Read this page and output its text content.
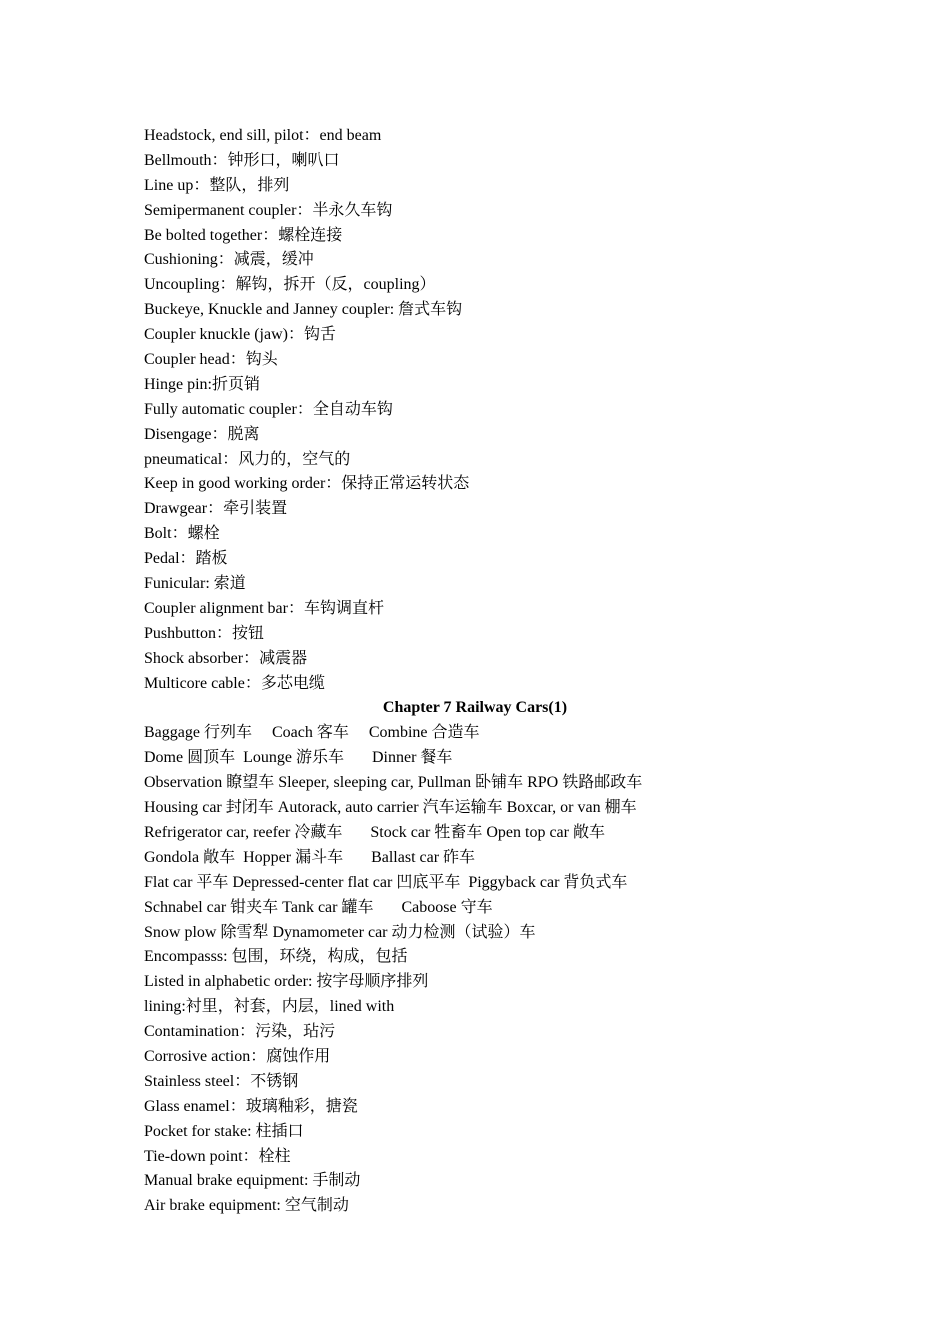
Headstock, end sill, pilot：end beam
Bellmouth：钟形口，喇叭口
Line up：整队，排列
Semipermanent coupler：半永久车钩
Be bolted together：螺栓连接
Cushioning：减震，缓冲
Uncoupling：解钩，拆开（反，coupling）
Buckeye, Knuckle and Janney coupler: 詹式车钩
Coupler knuckle (jaw)：钩舌
Coupler head：钩头
Hinge pin:折页销
Fully automatic coupler：全自动车钩
Disengage：脱离
pneumatical：风力的，空气的
Keep in good working order：保持正常运转状态
Drawgear：牵引装置
Bolt：螺栓
Pedal：踏板
Funicular: 索道
Coupler alignment bar：车钩调直杆
Pushbutton：按钮
Shock absorber：减震器
Multicore cable：多芯电缆
Chapter 7 Railway Cars(1)
Baggage 行列车     Coach 客车     Combine 合造车
Dome 圆顶车  Lounge 游乐车       Dinner 餐车
Observation 瞭望车 Sleeper, sleeping car, Pullman 卧铺车 RPO 铁路邮政车
Housing car 封闭车 Autorack, auto carrier 汽车运输车 Boxcar, or van 棚车
Refrigerator car, reefer 冷藏车       Stock car 牲畜车 Open top car 敞车
Gondola 敞车  Hopper 漏斗车       Ballast car 砟车
Flat car 平车 Depressed-center flat car 凹底平车  Piggyback car 背负式车
Schnabel car 钳夹车 Tank car 罐车       Caboose 守车
Snow plow 除雪犁 Dynamometer car 动力检测（试验）车
Encompasss: 包围，环绕，构成，包括
Listed in alphabetic order: 按字母顺序排列
lining:衬里，衬套，内层，lined with
Contamination：污染，玷污
Corrosive action：腐蚀作用
Stainless steel：不锈钢
Glass enamel：玻璃釉彩，搪瓷
Pocket for stake: 柱插口
Tie-down point：栓柱
Manual brake equipment: 手制动
Air brake equipment: 空气制动
